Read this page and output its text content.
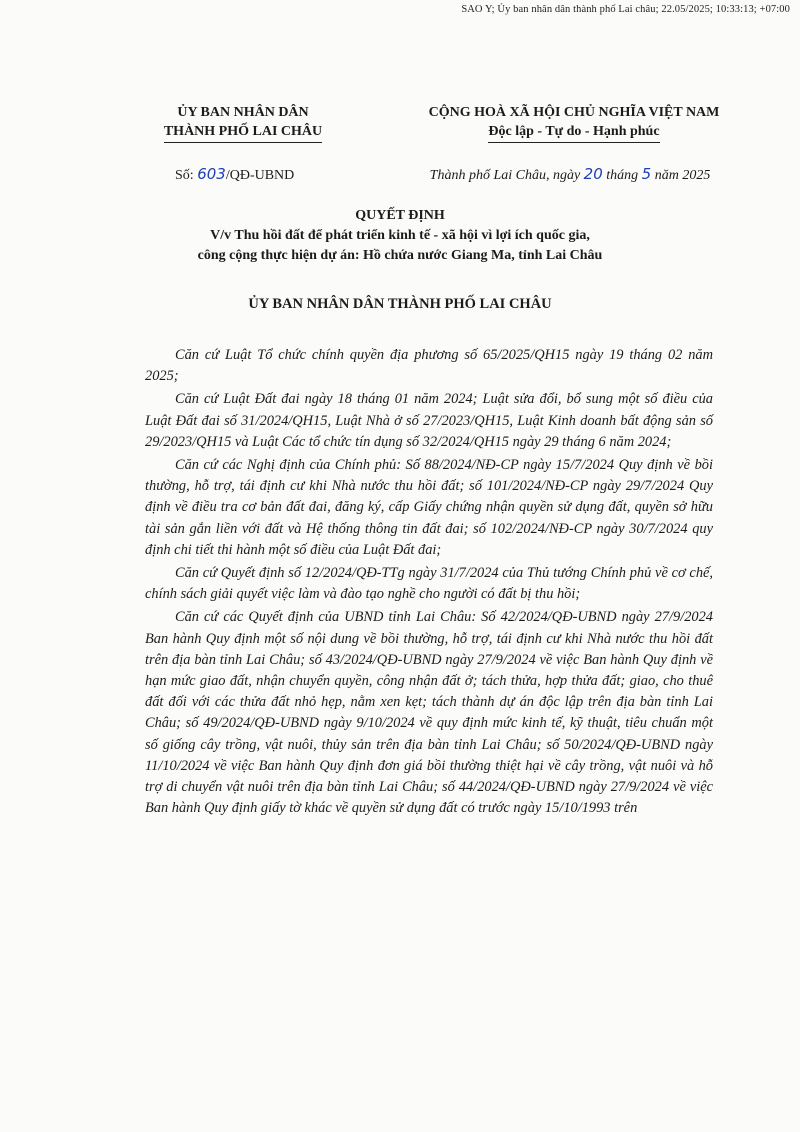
SAO Y; Ủy ban nhân dân thành phố Lai châu; 22.05/2025; 10:33:13; +07:00
ỦY BAN NHÂN DÂN
THÀNH PHỐ LAI CHÂU
CỘNG HOÀ XÃ HỘI CHỦ NGHĨA VIỆT NAM
Độc lập - Tự do - Hạnh phúc
Số: 603/QĐ-UBND	Thành phố Lai Châu, ngày 20 tháng 5 năm 2025
QUYẾT ĐỊNH
V/v Thu hồi đất để phát triển kinh tế - xã hội vì lợi ích quốc gia,
công cộng thực hiện dự án: Hồ chứa nước Giang Ma, tỉnh Lai Châu
ỦY BAN NHÂN DÂN THÀNH PHỐ LAI CHÂU

Căn cứ Luật Tổ chức chính quyền địa phương số 65/2025/QH15 ngày 19 tháng 02 năm 2025;

Căn cứ Luật Đất đai ngày 18 tháng 01 năm 2024; Luật sửa đổi, bổ sung một số điều của Luật Đất đai số 31/2024/QH15, Luật Nhà ở số 27/2023/QH15, Luật Kinh doanh bất động sản số 29/2023/QH15 và Luật Các tổ chức tín dụng số 32/2024/QH15 ngày 29 tháng 6 năm 2024;

Căn cứ các Nghị định của Chính phủ: Số 88/2024/NĐ-CP ngày 15/7/2024 Quy định về bồi thường, hỗ trợ, tái định cư khi Nhà nước thu hồi đất; số 101/2024/NĐ-CP ngày 29/7/2024 Quy định về điều tra cơ bản đất đai, đăng ký, cấp Giấy chứng nhận quyền sử dụng đất, quyền sở hữu tài sản gắn liền với đất và Hệ thống thông tin đất đai; số 102/2024/NĐ-CP ngày 30/7/2024 quy định chi tiết thi hành một số điều của Luật Đất đai;

Căn cứ Quyết định số 12/2024/QĐ-TTg ngày 31/7/2024 của Thủ tướng Chính phủ về cơ chế, chính sách giải quyết việc làm và đào tạo nghề cho người có đất bị thu hồi;

Căn cứ các Quyết định của UBND tỉnh Lai Châu: Số 42/2024/QĐ-UBND ngày 27/9/2024 Ban hành Quy định một số nội dung về bồi thường, hỗ trợ, tái định cư khi Nhà nước thu hồi đất trên địa bàn tỉnh Lai Châu; số 43/2024/QĐ-UBND ngày 27/9/2024 về việc Ban hành Quy định về hạn mức giao đất, nhận chuyển quyền, công nhận đất ở; tách thửa, hợp thửa đất; giao, cho thuê đất đối với các thửa đất nhỏ hẹp, nằm xen kẹt; tách thành dự án độc lập trên địa bàn tỉnh Lai Châu; số 49/2024/QĐ-UBND ngày 9/10/2024 về quy định mức kinh tế, kỹ thuật, tiêu chuẩn một số giống cây trồng, vật nuôi, thủy sản trên địa bàn tỉnh Lai Châu; số 50/2024/QĐ-UBND ngày 11/10/2024 về việc Ban hành Quy định đơn giá bồi thường thiệt hại về cây trồng, vật nuôi và hỗ trợ di chuyển vật nuôi trên địa bàn tỉnh Lai Châu; số 44/2024/QĐ-UBND ngày 27/9/2024 về việc Ban hành Quy định giấy tờ khác về quyền sử dụng đất có trước ngày 15/10/1993 trên
